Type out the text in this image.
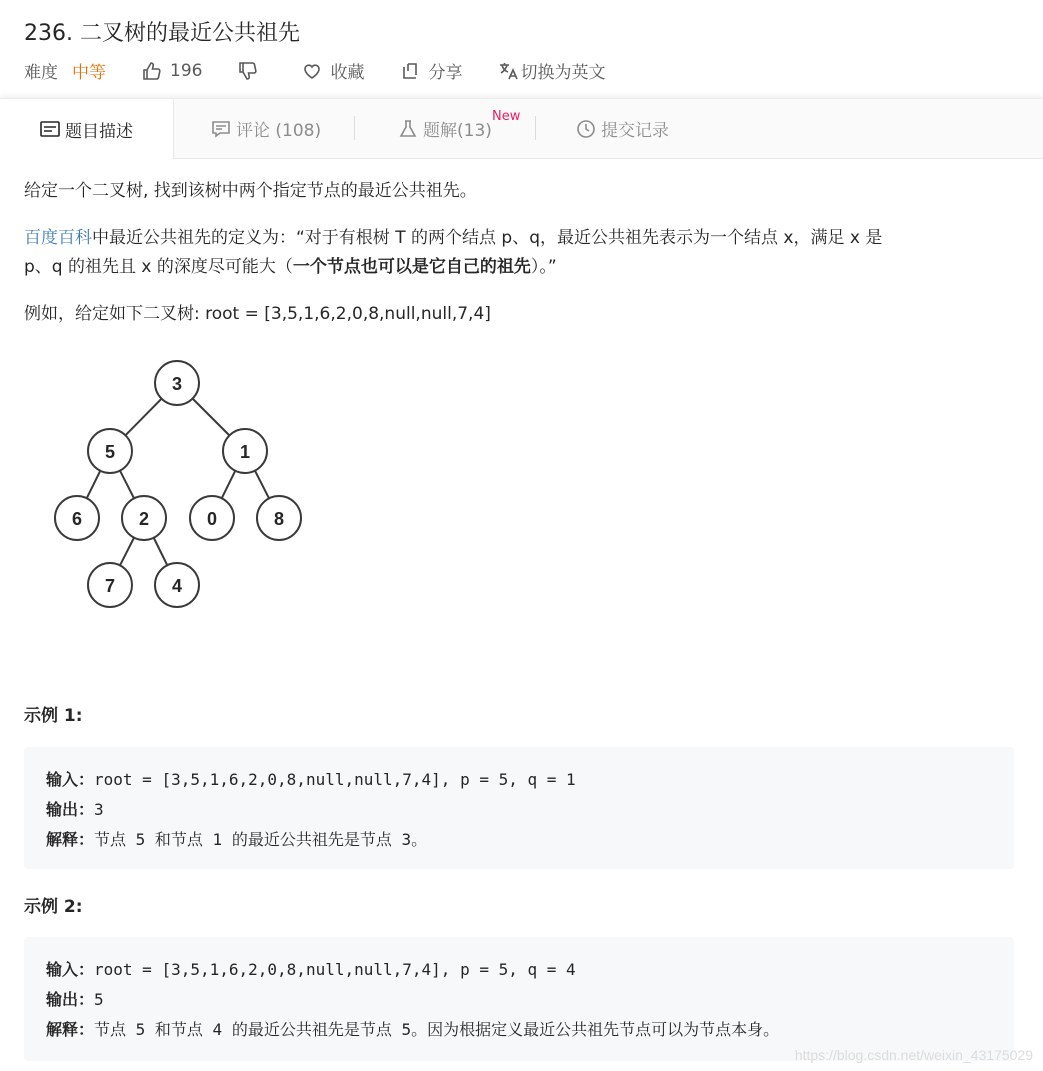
236. 二叉树的最近公共祖先
难度 中等	196	收藏	分享	切换为英文
题目描述	评论 (108)	题解(13)	提交记录
New

给定一个二叉树, 找到该树中两个指定节点的最近公共祖先。

百度百科中最近公共祖先的定义为：“对于有根树 T 的两个结点 p、q，最近公共祖先表示为一个结点 x，满足 x 是

p、q 的祖先且 x 的深度尽可能大（一个节点也可以是它自己的祖先）。”

例如，给定如下二叉树: root = [3,5,1,6,2,0,8,null,null,7,4]

3
5	1
6	2	0	8
7	4
示例 1:
输入：root = [3,5,1,6,2,0,8,null,null,7,4], p = 5, q = 1
输出：3
解释：节点 5 和节点 1 的最近公共祖先是节点 3。
示例 2:
输入：root = [3,5,1,6,2,0,8,null,null,7,4], p = 5, q = 4
输出：5
解释：节点 5 和节点 4 的最近公共祖先是节点 5。因为根据定义最近公共祖先节点可以为节点本身。
https://blog.csdn.net/weixin_43175029
